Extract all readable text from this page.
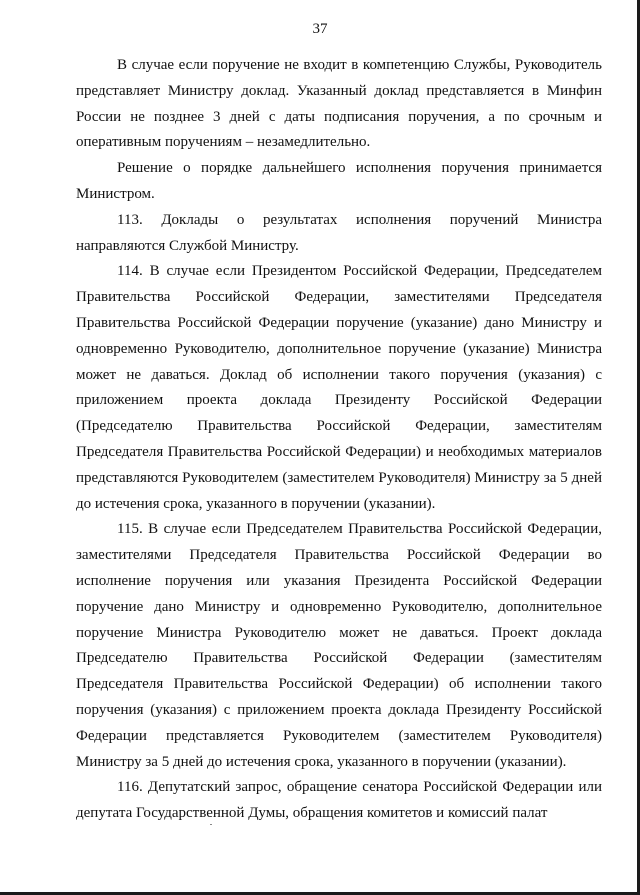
37

В случае если поручение не входит в компетенцию Службы, Руководитель представляет Министру доклад. Указанный доклад представляется в Минфин России не позднее 3 дней с даты подписания поручения, а по срочным и оперативным поручениям – незамедлительно.

Решение о порядке дальнейшего исполнения поручения принимается Министром.

113. Доклады о результатах исполнения поручений Министра направляются Службой Министру.

114. В случае если Президентом Российской Федерации, Председателем Правительства Российской Федерации, заместителями Председателя Правительства Российской Федерации поручение (указание) дано Министру и одновременно Руководителю, дополнительное поручение (указание) Министра может не даваться. Доклад об исполнении такого поручения (указания) с приложением проекта доклада Президенту Российской Федерации (Председателю Правительства Российской Федерации, заместителям Председателя Правительства Российской Федерации) и необходимых материалов представляются Руководителем (заместителем Руководителя) Министру за 5 дней до истечения срока, указанного в поручении (указании).

115. В случае если Председателем Правительства Российской Федерации, заместителями Председателя Правительства Российской Федерации во исполнение поручения или указания Президента Российской Федерации поручение дано Министру и одновременно Руководителю, дополнительное поручение Министра Руководителю может не даваться. Проект доклада Председателю Правительства Российской Федерации (заместителям Председателя Правительства Российской Федерации) об исполнении такого поручения (указания) с приложением проекта доклада Президенту Российской Федерации представляется Руководителем (заместителем Руководителя) Министру за 5 дней до истечения срока, указанного в поручении (указании).

116. Депутатский запрос, обращение сенатора Российской Федерации или депутата Государственной Думы, обращения комитетов и комиссий палат
